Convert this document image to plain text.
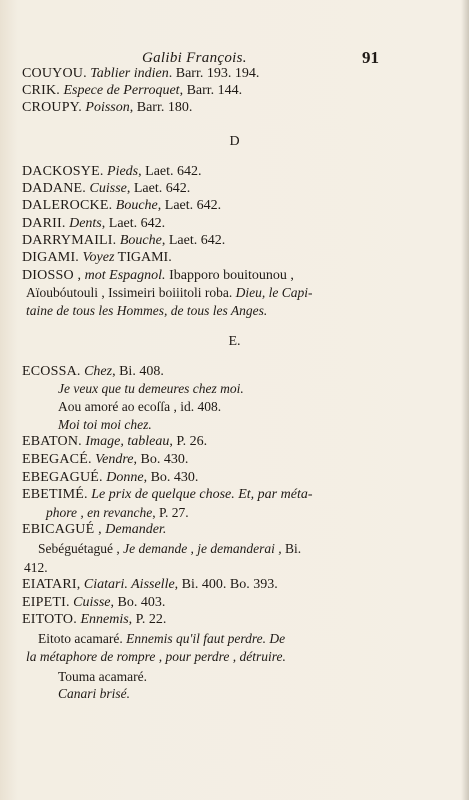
Galibi François.	91
COUYOU. Tablier indien. Barr. 193. 194.
CRIK. Espece de Perroquet, Barr. 144.
CROUPY. Poisson, Barr. 180.
D
DACKOSYE. Pieds, Laet. 642.
DADANE. Cuisse, Laet. 642.
DALEROCKE. Bouche, Laet. 642.
DARII. Dents, Laet. 642.
DARRYMAILI. Bouche, Laet. 642.
DIGAMI. Voyez TIGAMI.
DIOSSO , mot Espagnol. Ibapporo bouitounou ,
Aïoubóutouli , Issimeiri boiiitoli roba. Dieu, le Capi-
taine de tous les Hommes, de tous les Anges.
E.
ECOSSA. Chez, Bi. 408.
Je veux que tu demeures chez moi.
Aou amoré ao ecoſſa , id. 408.
Moi toi moi chez.
EBATON. Image, tableau, P. 26.
EBEGACÉ. Vendre, Bo. 430.
EBEGAGUÉ. Donne, Bo. 430.
EBETIMÉ. Le prix de quelque chose. Et, par méta-
phore , en revanche, P. 27.
EBICAGUÉ , Demander.
Sebéguétagué , Je demande , je demanderai , Bi.
412.
EIATARI, Ciatari. Aisselle, Bi. 400. Bo. 393.
EIPETI. Cuisse, Bo. 403.
EITOTO. Ennemis, P. 22.
Eitoto acamaré. Ennemis qu'il faut perdre. De
la métaphore de rompre , pour perdre , détruire.
Touma acamaré.
Canari brisé.
